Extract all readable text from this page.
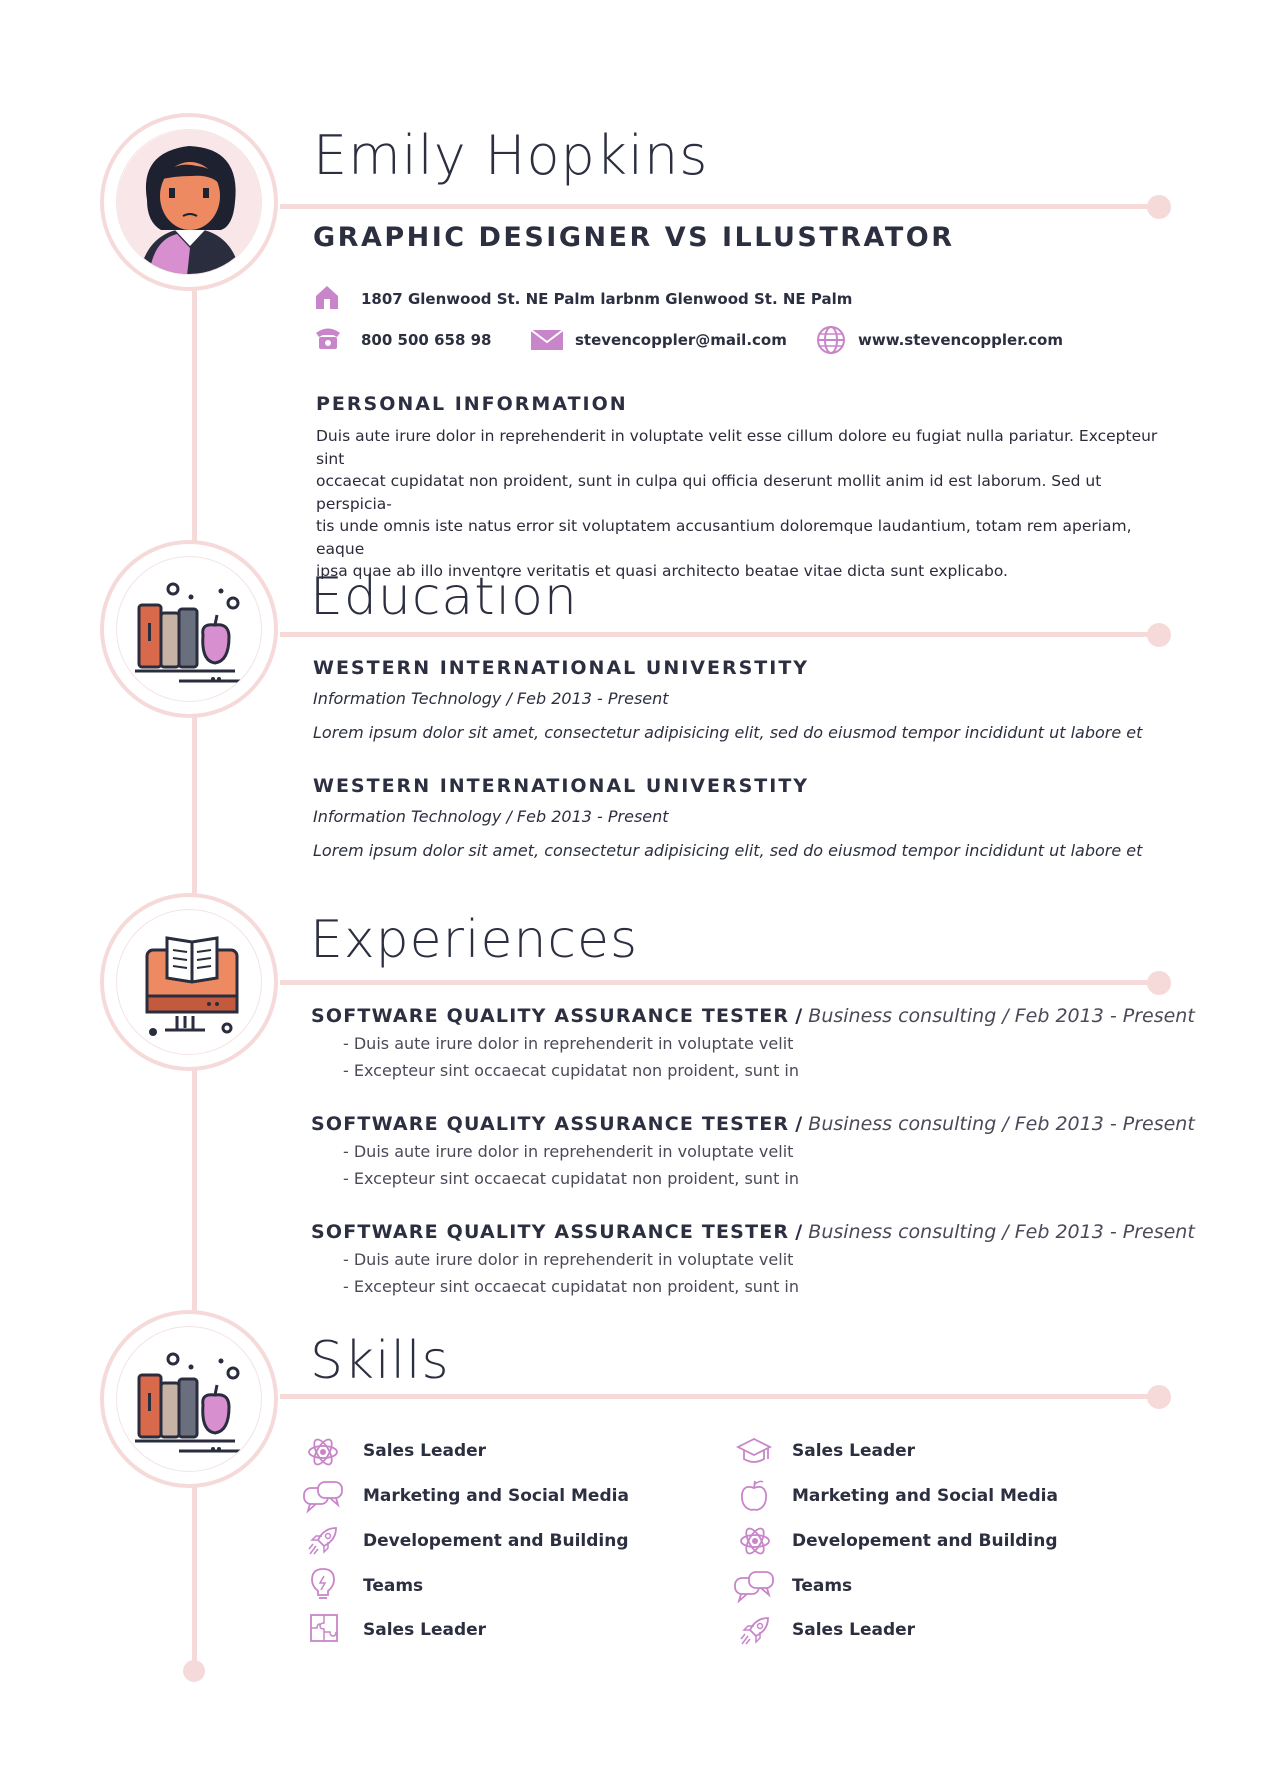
Emily Hopkins
GRAPHIC DESIGNER VS ILLUSTRATOR
1807 Glenwood St. NE Palm larbnm Glenwood St. NE Palm
800 500 658 98	stevencoppler@mail.com	www.stevencoppler.com
PERSONAL INFORMATION
Duis aute irure dolor in reprehenderit in voluptate velit esse cillum dolore eu fugiat nulla pariatur. Excepteur sint
occaecat cupidatat non proident, sunt in culpa qui officia deserunt mollit anim id est laborum. Sed ut perspicia-
tis unde omnis iste natus error sit voluptatem accusantium doloremque laudantium, totam rem aperiam, eaque
ipsa quae ab illo inventore veritatis et quasi architecto beatae vitae dicta sunt explicabo.
Education
WESTERN INTERNATIONAL UNIVERSTITY
Information Technology / Feb 2013 - Present
Lorem ipsum dolor sit amet, consectetur adipisicing elit, sed do eiusmod tempor incididunt ut labore et
WESTERN INTERNATIONAL UNIVERSTITY
Information Technology / Feb 2013 - Present
Lorem ipsum dolor sit amet, consectetur adipisicing elit, sed do eiusmod tempor incididunt ut labore et
Experiences
SOFTWARE QUALITY ASSURANCE TESTER / Business consulting / Feb 2013 - Present
- Duis aute irure dolor in reprehenderit in voluptate velit
- Excepteur sint occaecat cupidatat non proident, sunt in
SOFTWARE QUALITY ASSURANCE TESTER / Business consulting / Feb 2013 - Present
- Duis aute irure dolor in reprehenderit in voluptate velit
- Excepteur sint occaecat cupidatat non proident, sunt in
SOFTWARE QUALITY ASSURANCE TESTER / Business consulting / Feb 2013 - Present
- Duis aute irure dolor in reprehenderit in voluptate velit
- Excepteur sint occaecat cupidatat non proident, sunt in
Skills
Sales Leader
Marketing and Social Media
Developement and Building
Teams
Sales Leader
Sales Leader
Marketing and Social Media
Developement and Building
Teams
Sales Leader
